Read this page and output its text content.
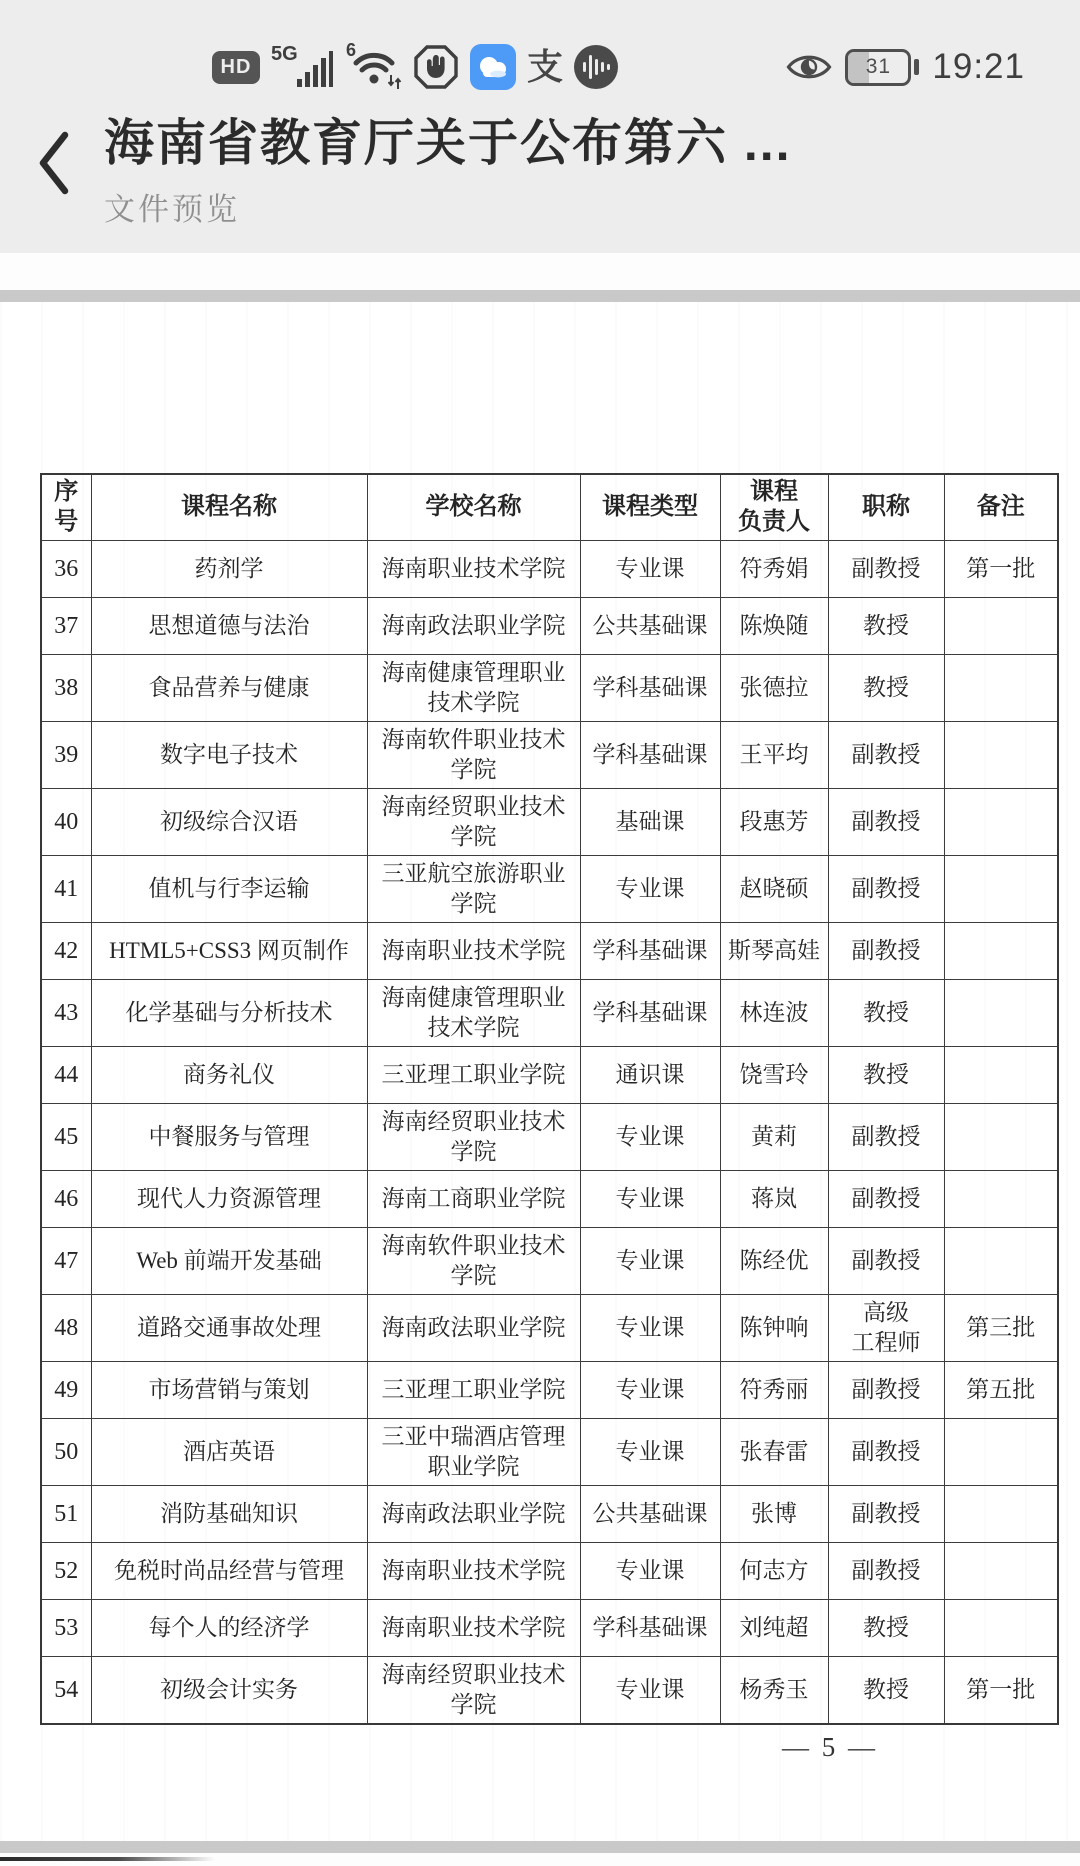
HD
5G	6	支	31 19:21
海南省教育厅关于公布第六 ...
文件预览
序
号	课程名称	学校名称	课程类型	课程
负责人	职称	备注
36	药剂学	海南职业技术学院	专业课	符秀娟	副教授	第一批
37	思想道德与法治	海南政法职业学院	公共基础课	陈焕随	教授	
38	食品营养与健康	海南健康管理职业
技术学院	学科基础课	张德拉	教授	
39	数字电子技术	海南软件职业技术
学院	学科基础课	王平均	副教授	
40	初级综合汉语	海南经贸职业技术
学院	基础课	段惠芳	副教授	
41	值机与行李运输	三亚航空旅游职业
学院	专业课	赵晓硕	副教授	
42	HTML5+CSS3 网页制作	海南职业技术学院	学科基础课	斯琴高娃	副教授	
43	化学基础与分析技术	海南健康管理职业
技术学院	学科基础课	林连波	教授	
44	商务礼仪	三亚理工职业学院	通识课	饶雪玲	教授	
45	中餐服务与管理	海南经贸职业技术
学院	专业课	黄莉	副教授	
46	现代人力资源管理	海南工商职业学院	专业课	蒋岚	副教授	
47	Web 前端开发基础	海南软件职业技术
学院	专业课	陈经优	副教授	
48	道路交通事故处理	海南政法职业学院	专业课	陈钟响	高级
工程师	第三批
49	市场营销与策划	三亚理工职业学院	专业课	符秀丽	副教授	第五批
50	酒店英语	三亚中瑞酒店管理
职业学院	专业课	张春雷	副教授	
51	消防基础知识	海南政法职业学院	公共基础课	张博	副教授	
52	免税时尚品经营与管理	海南职业技术学院	专业课	何志方	副教授	
53	每个人的经济学	海南职业技术学院	学科基础课	刘纯超	教授	
54	初级会计实务	海南经贸职业技术
学院	专业课	杨秀玉	教授	第一批
— 5 —
